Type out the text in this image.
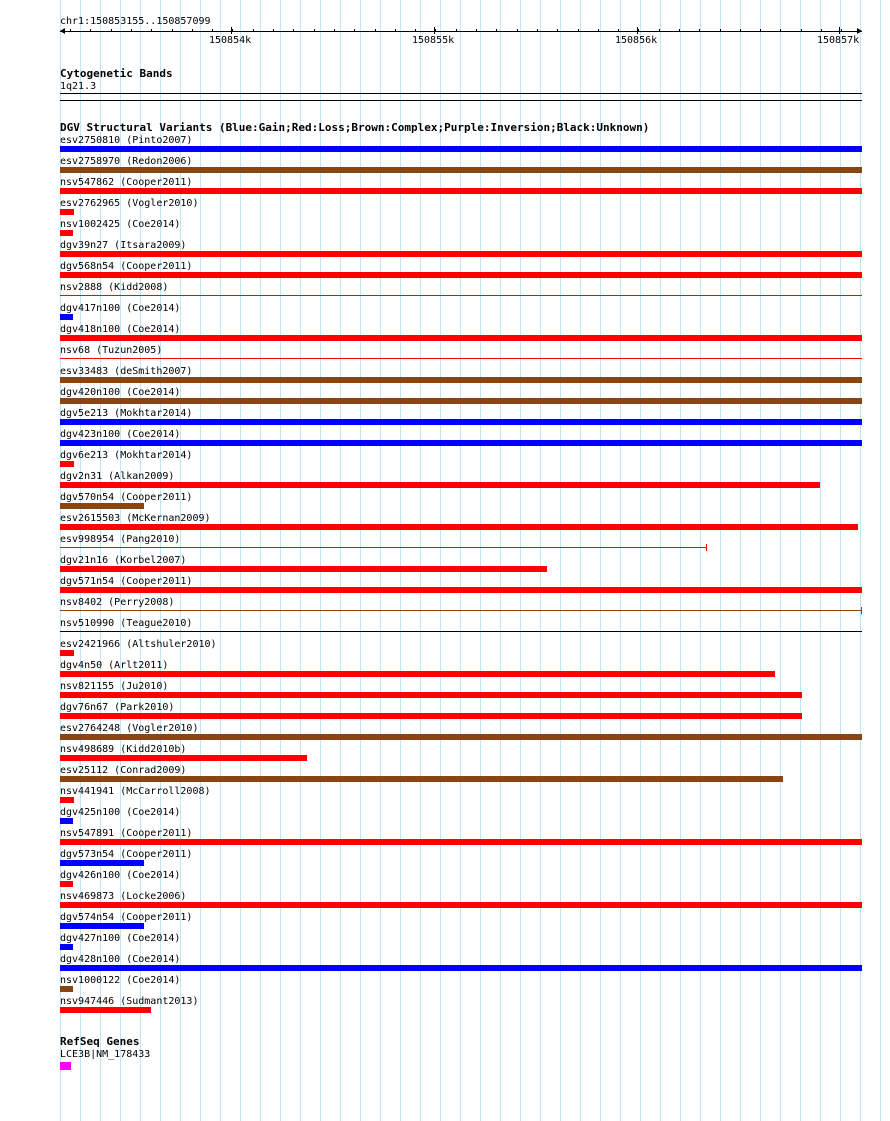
chr1:150853155..150857099
150854k	150855k	150856k	150857k
Cytogenetic Bands
1q21.3
DGV Structural Variants (Blue:Gain;Red:Loss;Brown:Complex;Purple:Inversion;Black:Unknown)
esv2750810 (Pinto2007)
esv2758970 (Redon2006)
nsv547862 (Cooper2011)
esv2762965 (Vogler2010)
nsv1002425 (Coe2014)
dgv39n27 (Itsara2009)
dgv568n54 (Cooper2011)
nsv2888 (Kidd2008)
dgv417n100 (Coe2014)
dgv418n100 (Coe2014)
nsv68 (Tuzun2005)
esv33483 (deSmith2007)
dgv420n100 (Coe2014)
dgv5e213 (Mokhtar2014)
dgv423n100 (Coe2014)
dgv6e213 (Mokhtar2014)
dgv2n31 (Alkan2009)
dgv570n54 (Cooper2011)
esv2615503 (McKernan2009)
esv998954 (Pang2010)
dgv21n16 (Korbel2007)
dgv571n54 (Cooper2011)
nsv8402 (Perry2008)
nsv510990 (Teague2010)
esv2421966 (Altshuler2010)
dgv4n50 (Arlt2011)
nsv821155 (Ju2010)
dgv76n67 (Park2010)
esv2764248 (Vogler2010)
nsv498689 (Kidd2010b)
esv25112 (Conrad2009)
nsv441941 (McCarroll2008)
dgv425n100 (Coe2014)
nsv547891 (Cooper2011)
dgv573n54 (Cooper2011)
dgv426n100 (Coe2014)
nsv469873 (Locke2006)
dgv574n54 (Cooper2011)
dgv427n100 (Coe2014)
dgv428n100 (Coe2014)
nsv1000122 (Coe2014)
nsv947446 (Sudmant2013)
RefSeq Genes
LCE3B|NM_178433
